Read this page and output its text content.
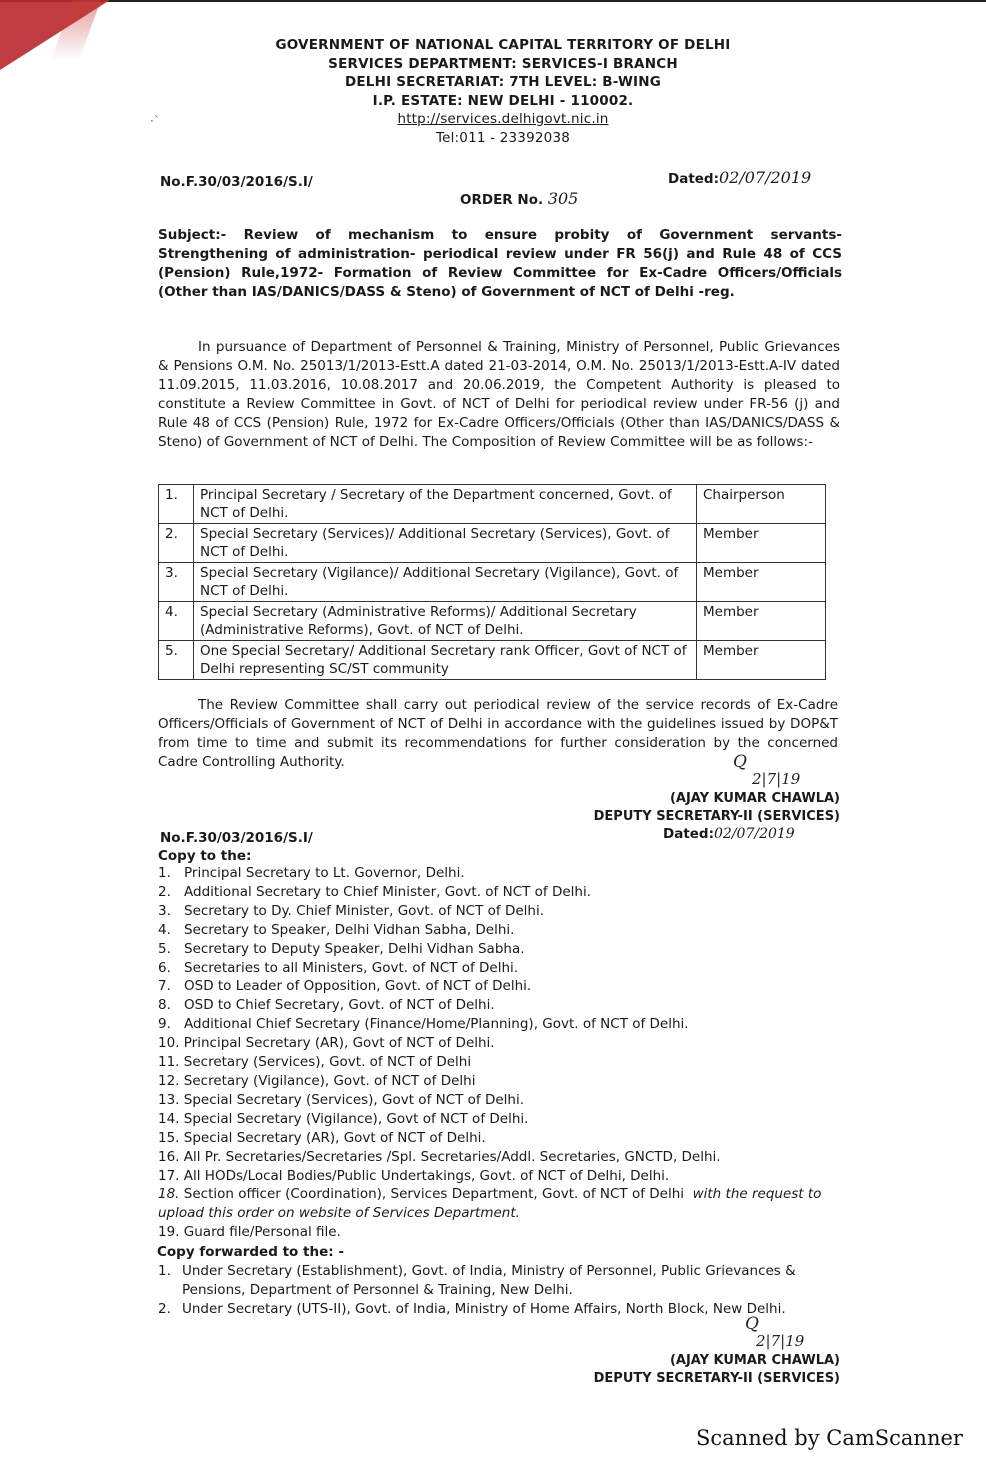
·`
GOVERNMENT OF NATIONAL CAPITAL TERRITORY OF DELHI
SERVICES DEPARTMENT: SERVICES-I BRANCH
DELHI SECRETARIAT: 7TH LEVEL: B-WING
I.P. ESTATE: NEW DELHI - 110002.
http://services.delhigovt.nic.in
Tel:011 - 23392038
No.F.30/03/2016/S.I/	Dated:02/07/2019
ORDER No. 305

Subject:- Review of mechanism to ensure probity of Government servants- Strengthening of administration- periodical review under FR 56(j) and Rule 48 of CCS (Pension) Rule,1972- Formation of Review Committee for Ex-Cadre Officers/Officials (Other than IAS/DANICS/DASS & Steno) of Government of NCT of Delhi -reg.

In pursuance of Department of Personnel & Training, Ministry of Personnel, Public Grievances & Pensions O.M. No. 25013/1/2013-Estt.A dated 21-03-2014, O.M. No. 25013/1/2013-Estt.A-IV dated 11.09.2015, 11.03.2016, 10.08.2017 and 20.06.2019, the Competent Authority is pleased to constitute a Review Committee in Govt. of NCT of Delhi for periodical review under FR-56 (j) and Rule 48 of CCS (Pension) Rule, 1972 for Ex-Cadre Officers/Officials (Other than IAS/DANICS/DASS & Steno) of Government of NCT of Delhi. The Composition of Review Committee will be as follows:-

1.	Principal Secretary / Secretary of the Department concerned, Govt. of NCT of Delhi.	Chairperson
2.	Special Secretary (Services)/ Additional Secretary (Services), Govt. of NCT of Delhi.	Member
3.	Special Secretary (Vigilance)/ Additional Secretary (Vigilance), Govt. of NCT of Delhi.	Member
4.	Special Secretary (Administrative Reforms)/ Additional Secretary (Administrative Reforms), Govt. of NCT of Delhi.	Member
5.	One Special Secretary/ Additional Secretary rank Officer, Govt of NCT of Delhi representing SC/ST community	Member

The Review Committee shall carry out periodical review of the service records of Ex-Cadre Officers/Officials of Government of NCT of Delhi in accordance with the guidelines issued by DOP&T from time to time and submit its recommendations for further consideration by the concerned Cadre Controlling Authority.	Q
2|7|19
(AJAY KUMAR CHAWLA)
DEPUTY SECRETARY-II (SERVICES)
No.F.30/03/2016/S.I/	Dated:02/07/2019
Copy to the:
1. Principal Secretary to Lt. Governor, Delhi.
2. Additional Secretary to Chief Minister, Govt. of NCT of Delhi.
3. Secretary to Dy. Chief Minister, Govt. of NCT of Delhi.
4. Secretary to Speaker, Delhi Vidhan Sabha, Delhi.
5. Secretary to Deputy Speaker, Delhi Vidhan Sabha.
6. Secretaries to all Ministers, Govt. of NCT of Delhi.
7. OSD to Leader of Opposition, Govt. of NCT of Delhi.
8. OSD to Chief Secretary, Govt. of NCT of Delhi.
9. Additional Chief Secretary (Finance/Home/Planning), Govt. of NCT of Delhi.
10. Principal Secretary (AR), Govt of NCT of Delhi.
11. Secretary (Services), Govt. of NCT of Delhi
12. Secretary (Vigilance), Govt. of NCT of Delhi
13. Special Secretary (Services), Govt of NCT of Delhi.
14. Special Secretary (Vigilance), Govt of NCT of Delhi.
15. Special Secretary (AR), Govt of NCT of Delhi.
16. All Pr. Secretaries/Secretaries /Spl. Secretaries/Addl. Secretaries, GNCTD, Delhi.
17. All HODs/Local Bodies/Public Undertakings, Govt. of NCT of Delhi, Delhi.
18. Section officer (Coordination), Services Department, Govt. of NCT of Delhi with the request to upload this order on website of Services Department.
19. Guard file/Personal file.
Copy forwarded to the: -
1. Under Secretary (Establishment), Govt. of India, Ministry of Personnel, Public Grievances & Pensions, Department of Personnel & Training, New Delhi.
2. Under Secretary (UTS-II), Govt. of India, Ministry of Home Affairs, North Block, New Delhi.
Q
2|7|19
(AJAY KUMAR CHAWLA)
DEPUTY SECRETARY-II (SERVICES)
Scanned by CamScanner
